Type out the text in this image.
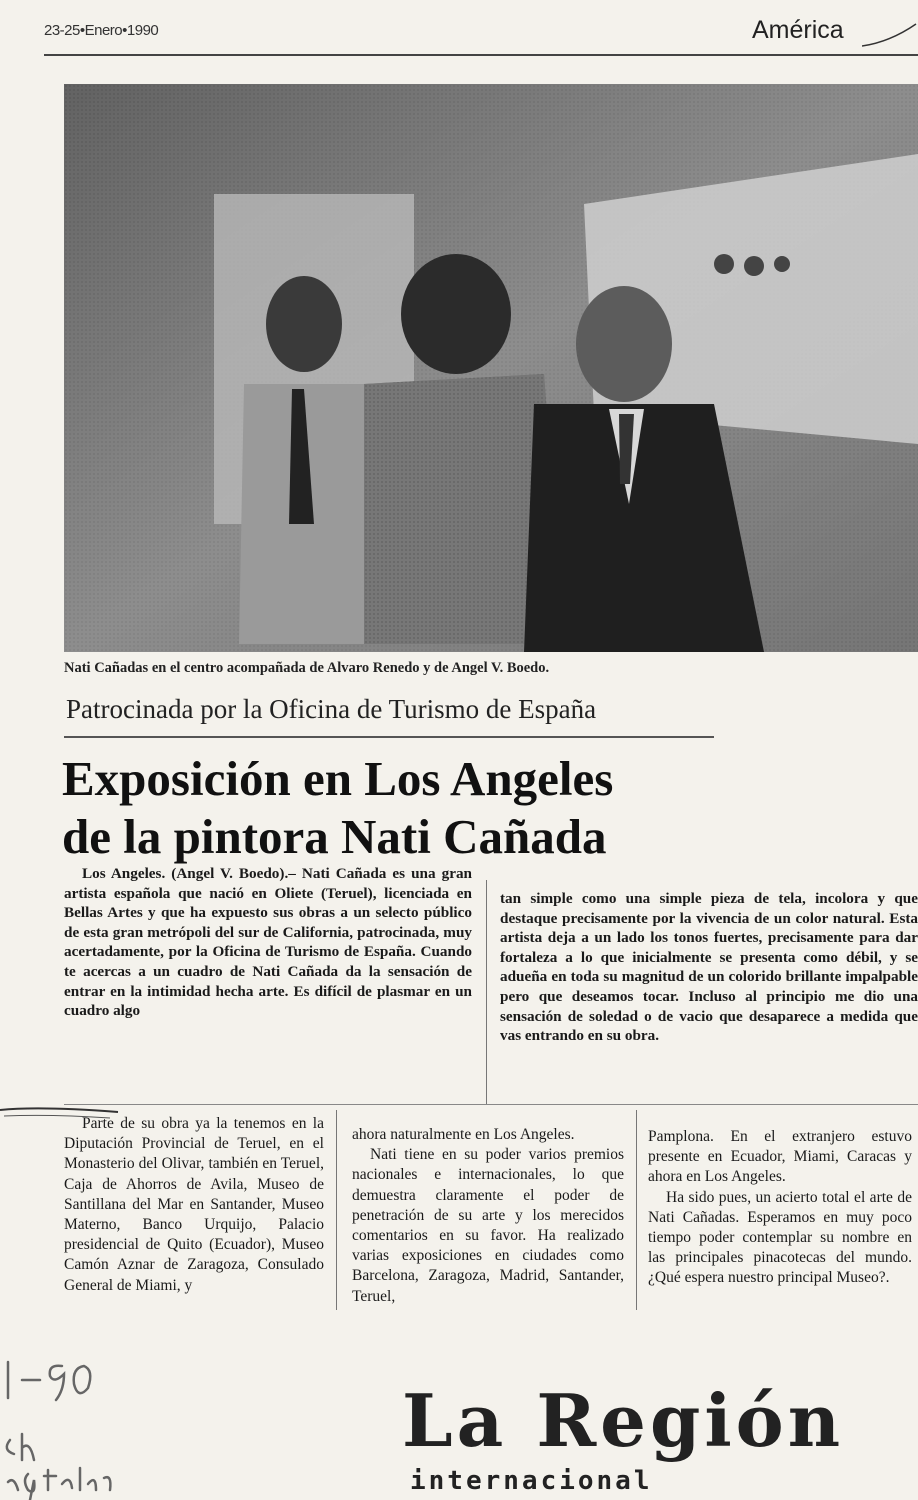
23-25•Enero•1990	América
Nati Cañadas en el centro acompañada de Alvaro Renedo y de Angel V. Boedo.
Patrocinada por la Oficina de Turismo de España
Exposición en Los Angeles
de la pintora Nati Cañada

Los Angeles. (Angel V. Boedo).– Nati Cañada es una gran artista española que nació en Oliete (Teruel), licenciada en Bellas Artes y que ha expuesto sus obras a un selecto público de esta gran metrópoli del sur de California, patrocinada, muy acertadamente, por la Oficina de Turismo de España. Cuando te acercas a un cuadro de Nati Cañada da la sensación de entrar en la intimidad hecha arte. Es difícil de plasmar en un cuadro algo

tan simple como una simple pieza de tela, incolora y que destaque precisamente por la vivencia de un color natural. Esta artista deja a un lado los tonos fuertes, precisamente para dar fortaleza a lo que inicialmente se presenta como débil, y se adueña en toda su magnitud de un colorido brillante impalpable pero que deseamos tocar. Incluso al principio me dio una sensación de soledad o de vacio que desaparece a medida que vas entrando en su obra.

Parte de su obra ya la tenemos en la Diputación Provincial de Teruel, en el Monasterio del Olivar, también en Teruel, Caja de Ahorros de Avila, Museo de Santillana del Mar en Santander, Museo Materno, Banco Urquijo, Palacio presidencial de Quito (Ecuador), Museo Camón Aznar de Zaragoza, Consulado General de Miami, y

ahora naturalmente en Los Angeles.

Nati tiene en su poder varios premios nacionales e internacionales, lo que demuestra claramente el poder de penetración de su arte y los merecidos comentarios en su favor. Ha realizado varias exposiciones en ciudades como Barcelona, Zaragoza, Madrid, Santander, Teruel,

Pamplona. En el extranjero estuvo presente en Ecuador, Miami, Caracas y ahora en Los Angeles.

Ha sido pues, un acierto total el arte de Nati Cañadas. Esperamos en muy poco tiempo poder contemplar su nombre en las principales pinacotecas del mundo. ¿Qué espera nuestro principal Museo?.

La Región
internacional
